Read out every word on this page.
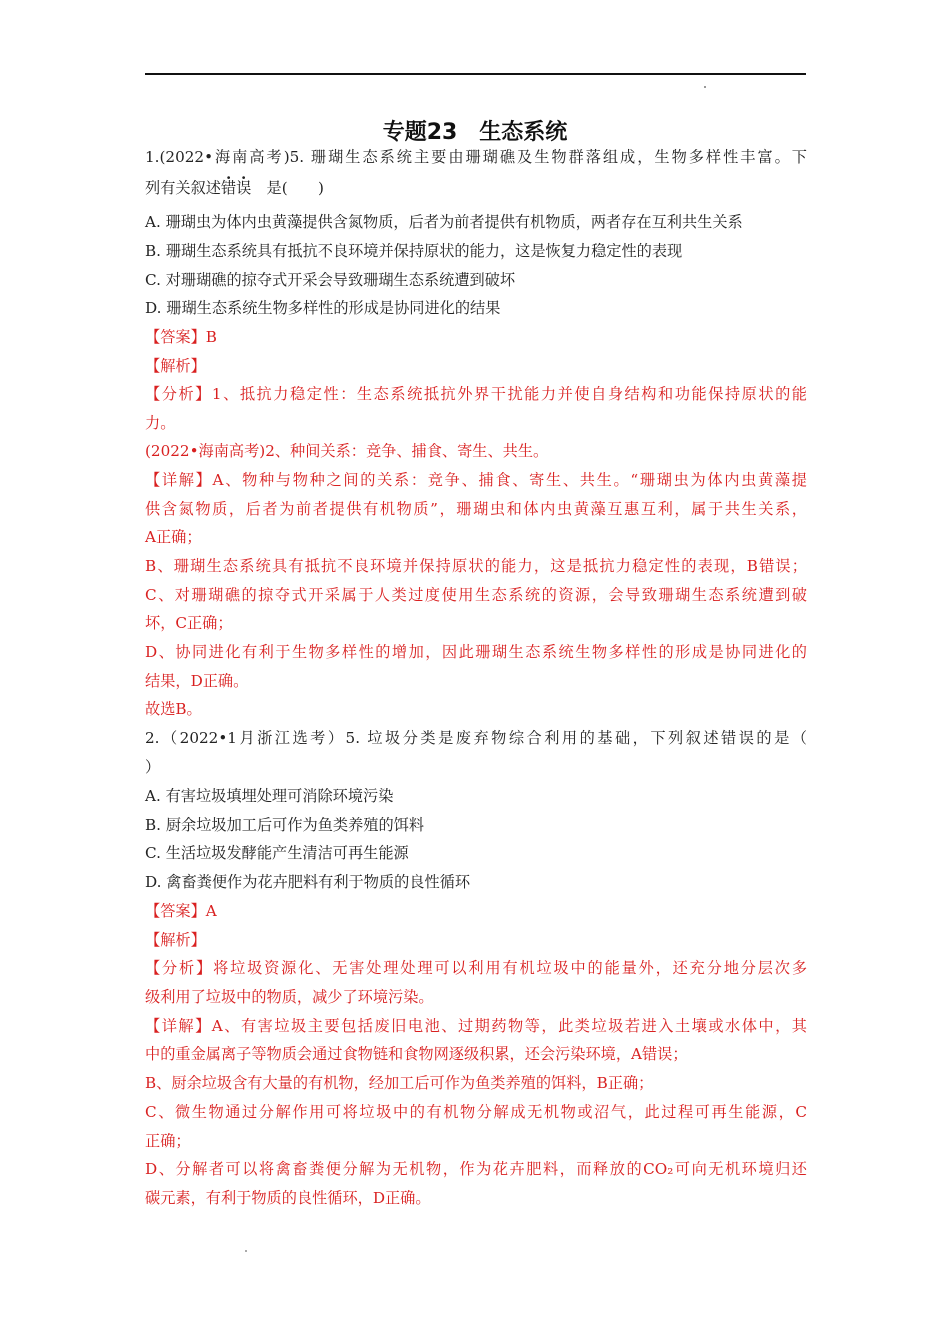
专题23　生态系统
1.(2022•海南高考)5. 珊瑚生态系统主要由珊瑚礁及生物群落组成，生物多样性丰富。下
列有关叙述错误　是(　　)
A. 珊瑚虫为体内虫黄藻提供含氮物质，后者为前者提供有机物质，两者存在互利共生关系
B. 珊瑚生态系统具有抵抗不良环境并保持原状的能力，这是恢复力稳定性的表现
C. 对珊瑚礁的掠夺式开采会导致珊瑚生态系统遭到破坏
D. 珊瑚生态系统生物多样性的形成是协同进化的结果
【答案】B
【解析】
【分析】1、抵抗力稳定性：生态系统抵抗外界干扰能力并使自身结构和功能保持原状的能
力。
(2022•海南高考)2、种间关系：竞争、捕食、寄生、共生。
【详解】A、物种与物种之间的关系：竞争、捕食、寄生、共生。“珊瑚虫为体内虫黄藻提
供含氮物质，后者为前者提供有机物质”，珊瑚虫和体内虫黄藻互惠互利，属于共生关系，
A正确；
B、珊瑚生态系统具有抵抗不良环境并保持原状的能力，这是抵抗力稳定性的表现，B错误；
C、对珊瑚礁的掠夺式开采属于人类过度使用生态系统的资源，会导致珊瑚生态系统遭到破
坏，C正确；
D、协同进化有利于生物多样性的增加，因此珊瑚生态系统生物多样性的形成是协同进化的
结果，D正确。
故选B。
2.（2022•1月浙江选考）5. 垃圾分类是废弃物综合利用的基础，下列叙述错误的是（
）
A. 有害垃圾填埋处理可消除环境污染
B. 厨余垃圾加工后可作为鱼类养殖的饵料
C. 生活垃圾发酵能产生清洁可再生能源
D. 禽畜粪便作为花卉肥料有利于物质的良性循环
【答案】A
【解析】
【分析】将垃圾资源化、无害处理处理可以利用有机垃圾中的能量外，还充分地分层次多
级利用了垃圾中的物质，减少了环境污染。
【详解】A、有害垃圾主要包括废旧电池、过期药物等，此类垃圾若进入土壤或水体中，其
中的重金属离子等物质会通过食物链和食物网逐级积累，还会污染环境，A错误；
B、厨余垃圾含有大量的有机物，经加工后可作为鱼类养殖的饵料，B正确；
C、微生物通过分解作用可将垃圾中的有机物分解成无机物或沼气，此过程可再生能源，C
正确；
D、分解者可以将禽畜粪便分解为无机物，作为花卉肥料，而释放的CO₂可向无机环境归还
碳元素，有利于物质的良性循环，D正确。
